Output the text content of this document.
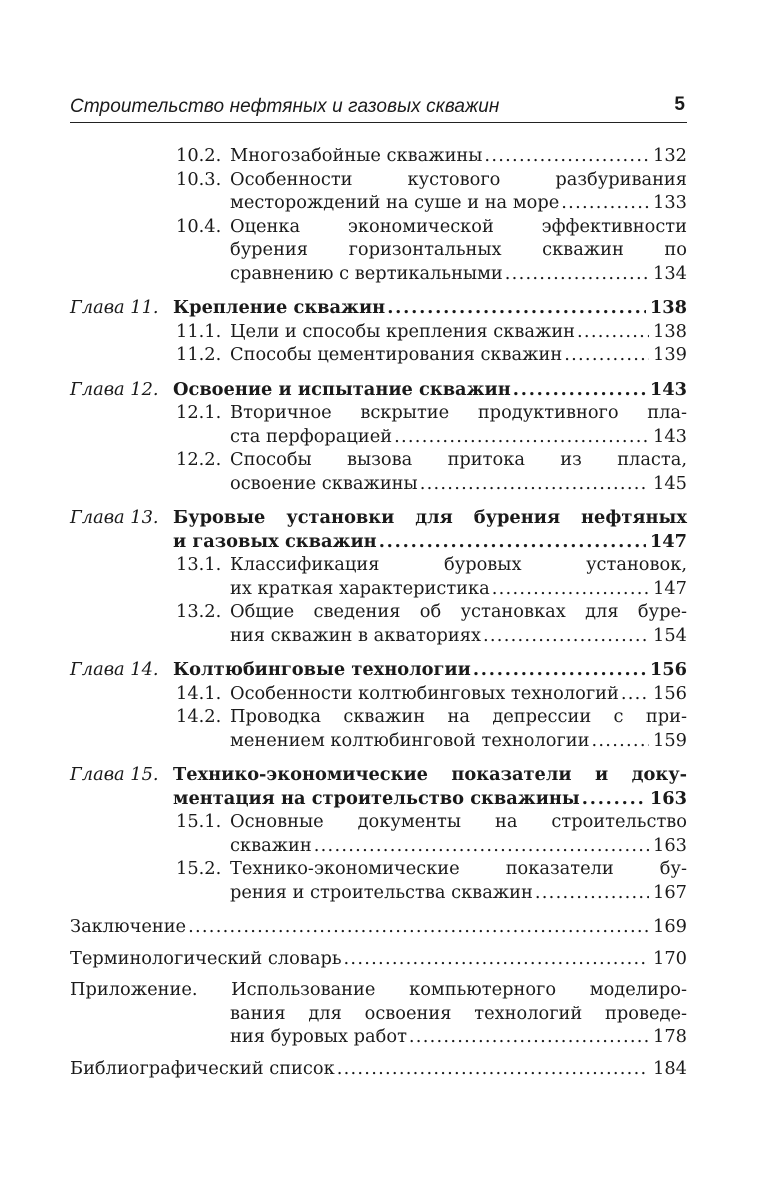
Строительство нефтяных и газовых скважин	5
10.2. Многозабойные скважины . . .	132
10.3. Особенности кустового разбуривания
месторождений на суше и на море . . .	133
10.4. Оценка экономической эффективности
бурения горизонтальных скважин по
сравнению с вертикальными . . .	134
Глава 11. Крепление скважин . . .	138
11.1. Цели и способы крепления скважин . . .	138
11.2. Способы цементирования скважин . . .	139
Глава 12. Освоение и испытание скважин . . .	143
12.1. Вторичное вскрытие продуктивного пла-
ста перфорацией . . .	143
12.2. Способы вызова притока из пласта,
освоение скважины . . .	145
Глава 13. Буровые установки для бурения нефтяных
и газовых скважин . . .	147
13.1. Классификация буровых установок,
их краткая характеристика . . .	147
13.2. Общие сведения об установках для буре-
ния скважин в акваториях . . .	154
Глава 14. Колтюбинговые технологии . . .	156
14.1. Особенности колтюбинговых технологий . . . 156
14.2. Проводка скважин на депрессии с при-
менением колтюбинговой технологии . . .	159
Глава 15. Технико-экономические показатели и доку-
ментация на строительство скважины . . .	163
15.1. Основные документы на строительство
скважин . . .	163
15.2. Технико-экономические показатели бу-
рения и строительства скважин . . .	167
Заключение . . .	169
Терминологический словарь . . .	170
Приложение. Использование компьютерного моделиро-
вания для освоения технологий проведе-
ния буровых работ . . .	178
Библиографический список . . .	184
